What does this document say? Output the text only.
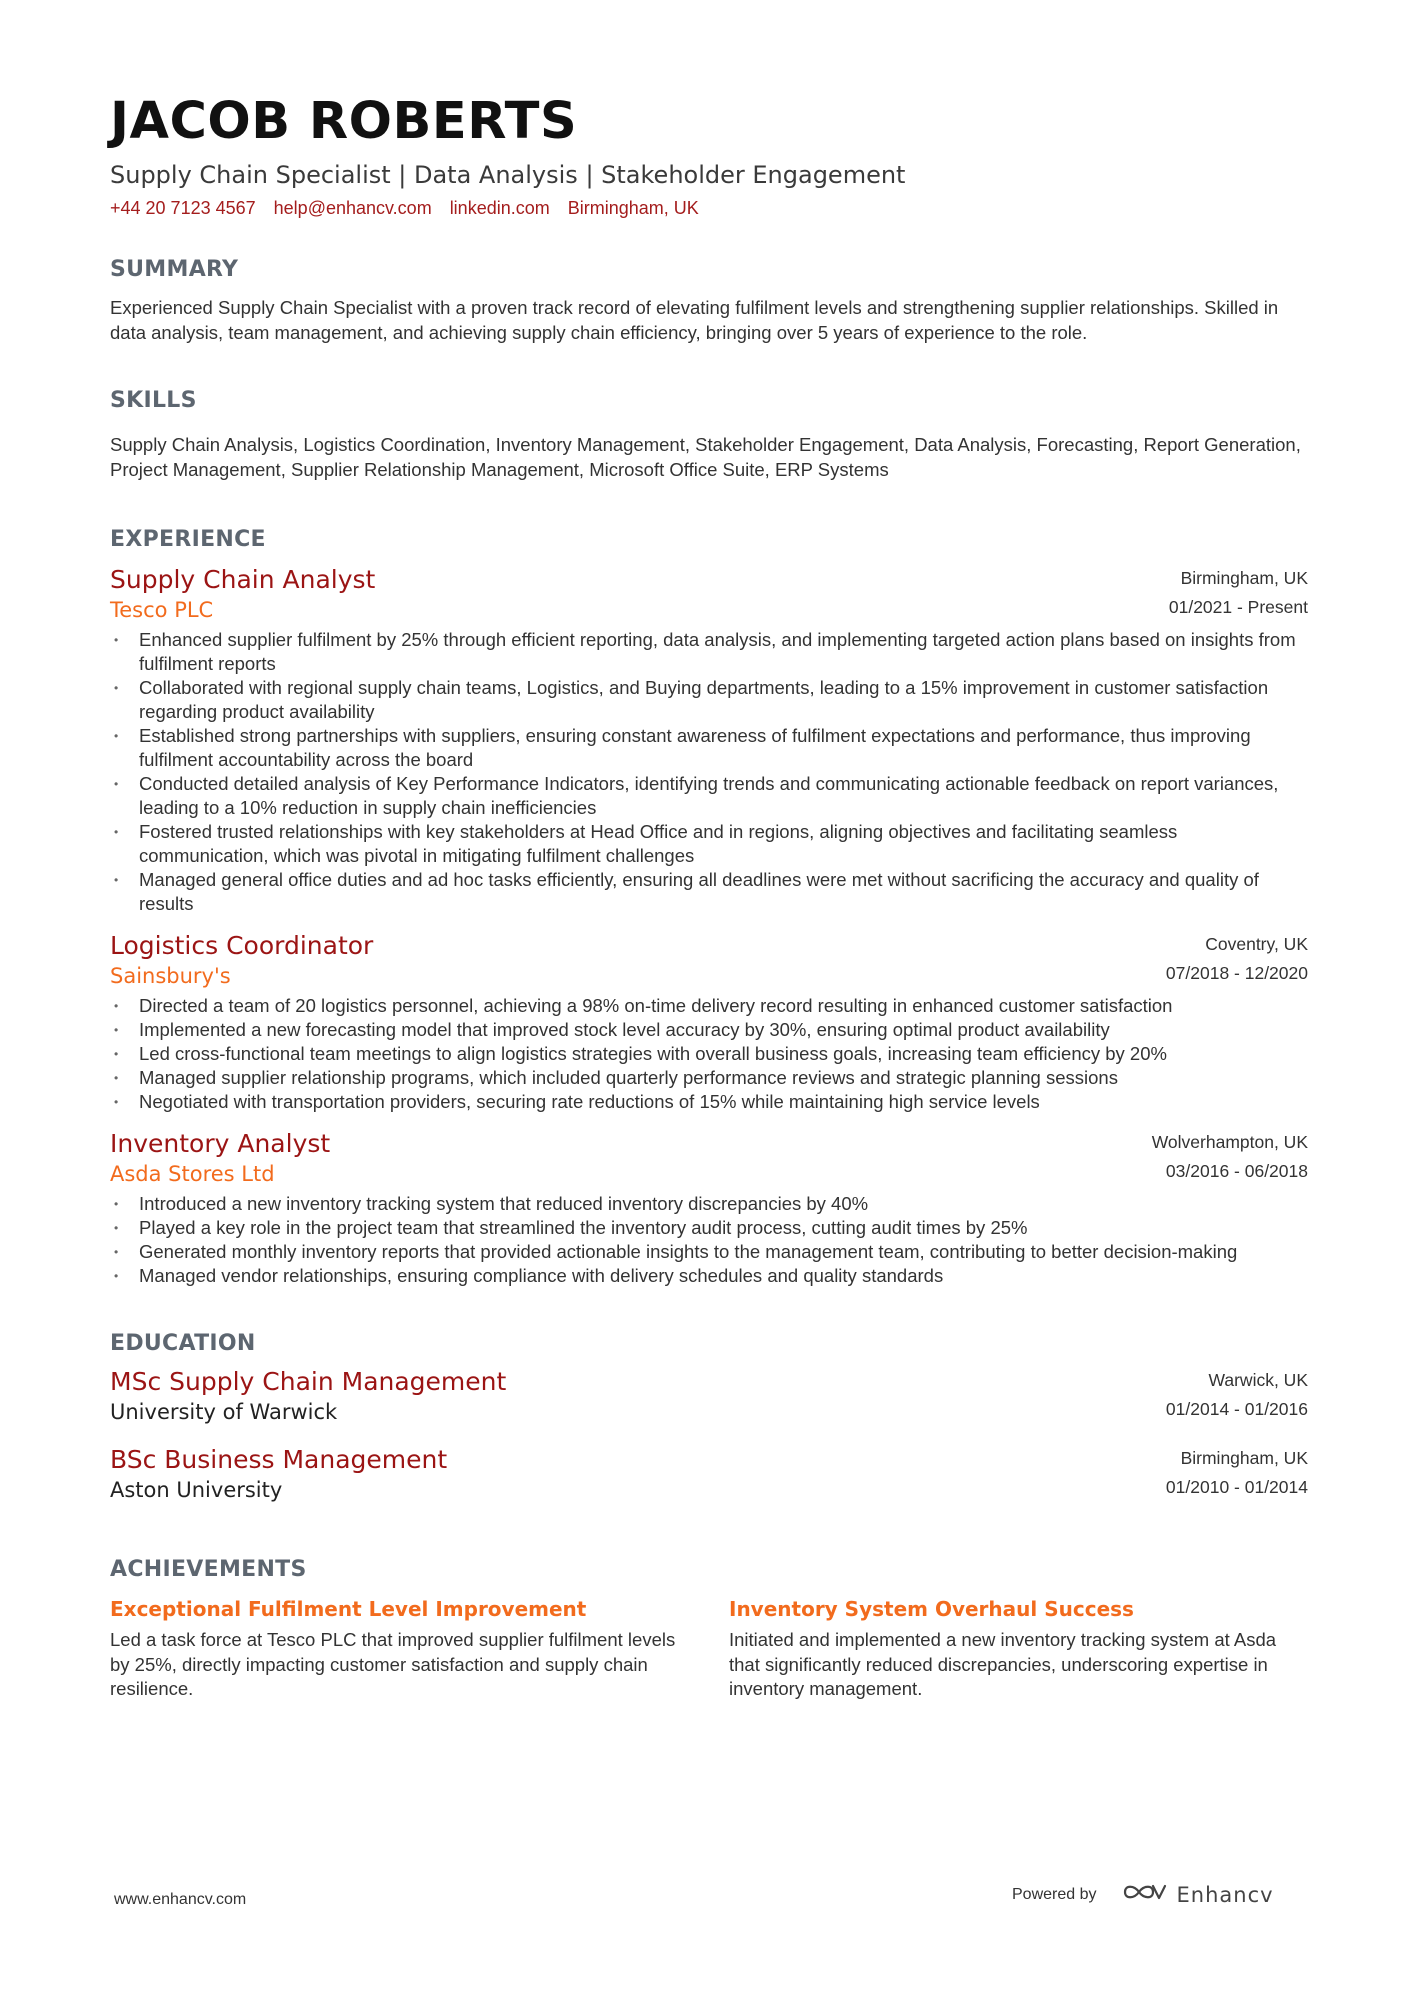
JACOB ROBERTS
Supply Chain Specialist | Data Analysis | Stakeholder Engagement
+44 20 7123 4567 help@enhancv.com linkedin.com Birmingham, UK
SUMMARY

Experienced Supply Chain Specialist with a proven track record of elevating fulfilment levels and strengthening supplier relationships. Skilled in data analysis, team management, and achieving supply chain efficiency, bringing over 5 years of experience to the role.

SKILLS

Supply Chain Analysis, Logistics Coordination, Inventory Management, Stakeholder Engagement, Data Analysis, Forecasting, Report Generation, Project Management, Supplier Relationship Management, Microsoft Office Suite, ERP Systems

EXPERIENCE
Supply Chain Analyst
Tesco PLC
Birmingham, UK
01/2021 - Present
• Enhanced supplier fulfilment by 25% through efficient reporting, data analysis, and implementing targeted action plans based on insights from fulfilment reports
• Collaborated with regional supply chain teams, Logistics, and Buying departments, leading to a 15% improvement in customer satisfaction regarding product availability
• Established strong partnerships with suppliers, ensuring constant awareness of fulfilment expectations and performance, thus improving fulfilment accountability across the board
• Conducted detailed analysis of Key Performance Indicators, identifying trends and communicating actionable feedback on report variances, leading to a 10% reduction in supply chain inefficiencies
• Fostered trusted relationships with key stakeholders at Head Office and in regions, aligning objectives and facilitating seamless communication, which was pivotal in mitigating fulfilment challenges
• Managed general office duties and ad hoc tasks efficiently, ensuring all deadlines were met without sacrificing the accuracy and quality of results
Logistics Coordinator
Sainsbury's
Coventry, UK
07/2018 - 12/2020
• Directed a team of 20 logistics personnel, achieving a 98% on-time delivery record resulting in enhanced customer satisfaction
• Implemented a new forecasting model that improved stock level accuracy by 30%, ensuring optimal product availability
• Led cross-functional team meetings to align logistics strategies with overall business goals, increasing team efficiency by 20%
• Managed supplier relationship programs, which included quarterly performance reviews and strategic planning sessions
• Negotiated with transportation providers, securing rate reductions of 15% while maintaining high service levels
Inventory Analyst
Asda Stores Ltd
Wolverhampton, UK
03/2016 - 06/2018
• Introduced a new inventory tracking system that reduced inventory discrepancies by 40%
• Played a key role in the project team that streamlined the inventory audit process, cutting audit times by 25%
• Generated monthly inventory reports that provided actionable insights to the management team, contributing to better decision-making
• Managed vendor relationships, ensuring compliance with delivery schedules and quality standards
EDUCATION
MSc Supply Chain Management
University of Warwick
Warwick, UK
01/2014 - 01/2016
BSc Business Management
Aston University
Birmingham, UK
01/2010 - 01/2014
ACHIEVEMENTS
Exceptional Fulfilment Level Improvement

Led a task force at Tesco PLC that improved supplier fulfilment levels by 25%, directly impacting customer satisfaction and supply chain resilience.

Inventory System Overhaul Success

Initiated and implemented a new inventory tracking system at Asda that significantly reduced discrepancies, underscoring expertise in inventory management.

www.enhancv.com	Powered by	Enhancv
